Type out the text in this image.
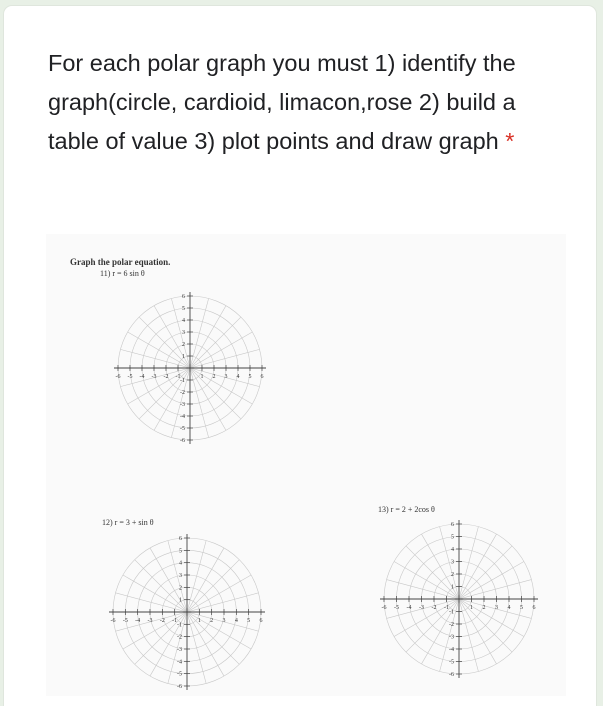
For each polar graph you must 1) identify the graph(circle, cardioid, limacon,rose 2) build a table of value 3) plot points and draw graph *

Graph the polar equation.
11) r = 6 sin θ
12) r = 3 + sin θ
13) r = 2 + 2cos θ
-6 -5 -4 -3 -2 -1	1 2 3 4 5 6
6
5
4
3
2
1
-1
-2
-3
-4
-5
-6
-6 -5 -4 -3 -2 -1	1 2 3 4 5 6
6
5
4
3
2
1
-1
-2
-3
-4
-5
-6
-6 -5 -4 -3 -2 -1	1 2 3 4 5 6
6
5
4
3
2
1
-1
-2
-3
-4
-5
-6
